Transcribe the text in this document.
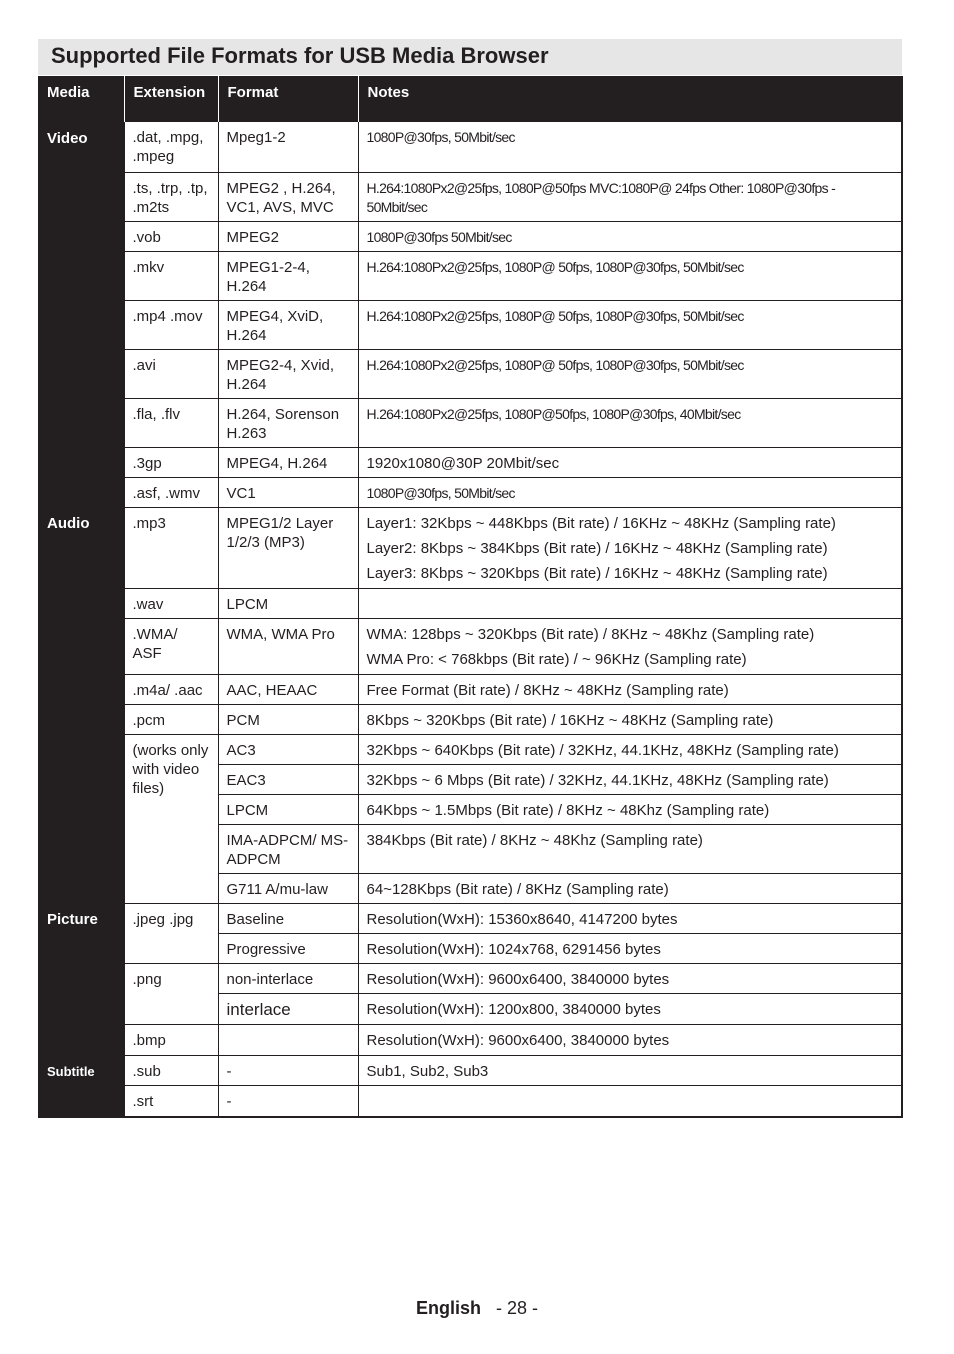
Supported File Formats for USB Media Browser
Media	Extension	Format	Notes
Video	.dat, .mpg, .mpeg	Mpeg1-2	1080P@30fps, 50Mbit/sec
	.ts, .trp, .tp, .m2ts	MPEG2 , H.264, VC1, AVS, MVC	H.264:1080Px2@25fps, 1080P@50fps MVC:1080P@ 24fps Other: 1080P@30fps - 50Mbit/sec
	.vob	MPEG2	1080P@30fps 50Mbit/sec
	.mkv	MPEG1-2-4, H.264	H.264:1080Px2@25fps, 1080P@ 50fps, 1080P@30fps, 50Mbit/sec
	.mp4 .mov	MPEG4, XviD, H.264	H.264:1080Px2@25fps, 1080P@ 50fps, 1080P@30fps, 50Mbit/sec
	.avi	MPEG2-4, Xvid, H.264	H.264:1080Px2@25fps, 1080P@ 50fps, 1080P@30fps, 50Mbit/sec
	.fla, .flv	H.264, Sorenson H.263	H.264:1080Px2@25fps, 1080P@50fps, 1080P@30fps, 40Mbit/sec
	.3gp	MPEG4, H.264	1920x1080@30P 20Mbit/sec
	.asf, .wmv	VC1	1080P@30fps, 50Mbit/sec
Audio	.mp3	MPEG1/2 Layer 1/2/3 (MP3)	Layer1: 32Kbps ~ 448Kbps (Bit rate) / 16KHz ~ 48KHz (Sampling rate)
Layer2: 8Kbps ~ 384Kbps (Bit rate) / 16KHz ~ 48KHz (Sampling rate)
Layer3: 8Kbps ~ 320Kbps (Bit rate) / 16KHz ~ 48KHz (Sampling rate)

	.wav	LPCM	
	.WMA/ ASF	WMA, WMA Pro	WMA: 128bps ~ 320Kbps (Bit rate) / 8KHz ~ 48Khz (Sampling rate)
WMA Pro: < 768kbps (Bit rate) / ~ 96KHz (Sampling rate)

	.m4a/ .aac	AAC, HEAAC	Free Format (Bit rate) / 8KHz ~ 48KHz (Sampling rate)
	.pcm	PCM	8Kbps ~ 320Kbps (Bit rate) / 16KHz ~ 48KHz (Sampling rate)
	(works only with video files)	AC3	32Kbps ~ 640Kbps (Bit rate) / 32KHz, 44.1KHz, 48KHz (Sampling rate)
		EAC3	32Kbps ~ 6 Mbps (Bit rate) / 32KHz, 44.1KHz, 48KHz (Sampling rate)
		LPCM	64Kbps ~ 1.5Mbps (Bit rate) / 8KHz ~ 48Khz (Sampling rate)
		IMA-ADPCM/ MS-ADPCM	384Kbps (Bit rate) / 8KHz ~ 48Khz (Sampling rate)
		G711 A/mu-law	64~128Kbps (Bit rate) / 8KHz (Sampling rate)
Picture	.jpeg .jpg	Baseline	Resolution(WxH): 15360x8640, 4147200 bytes
		Progressive	Resolution(WxH): 1024x768, 6291456 bytes
	.png	non-interlace	Resolution(WxH): 9600x6400, 3840000 bytes
		interlace	Resolution(WxH): 1200x800, 3840000 bytes
	.bmp		Resolution(WxH): 9600x6400, 3840000 bytes
Subtitle	.sub	-	Sub1, Sub2, Sub3
	.srt	-	
English - 28 -
